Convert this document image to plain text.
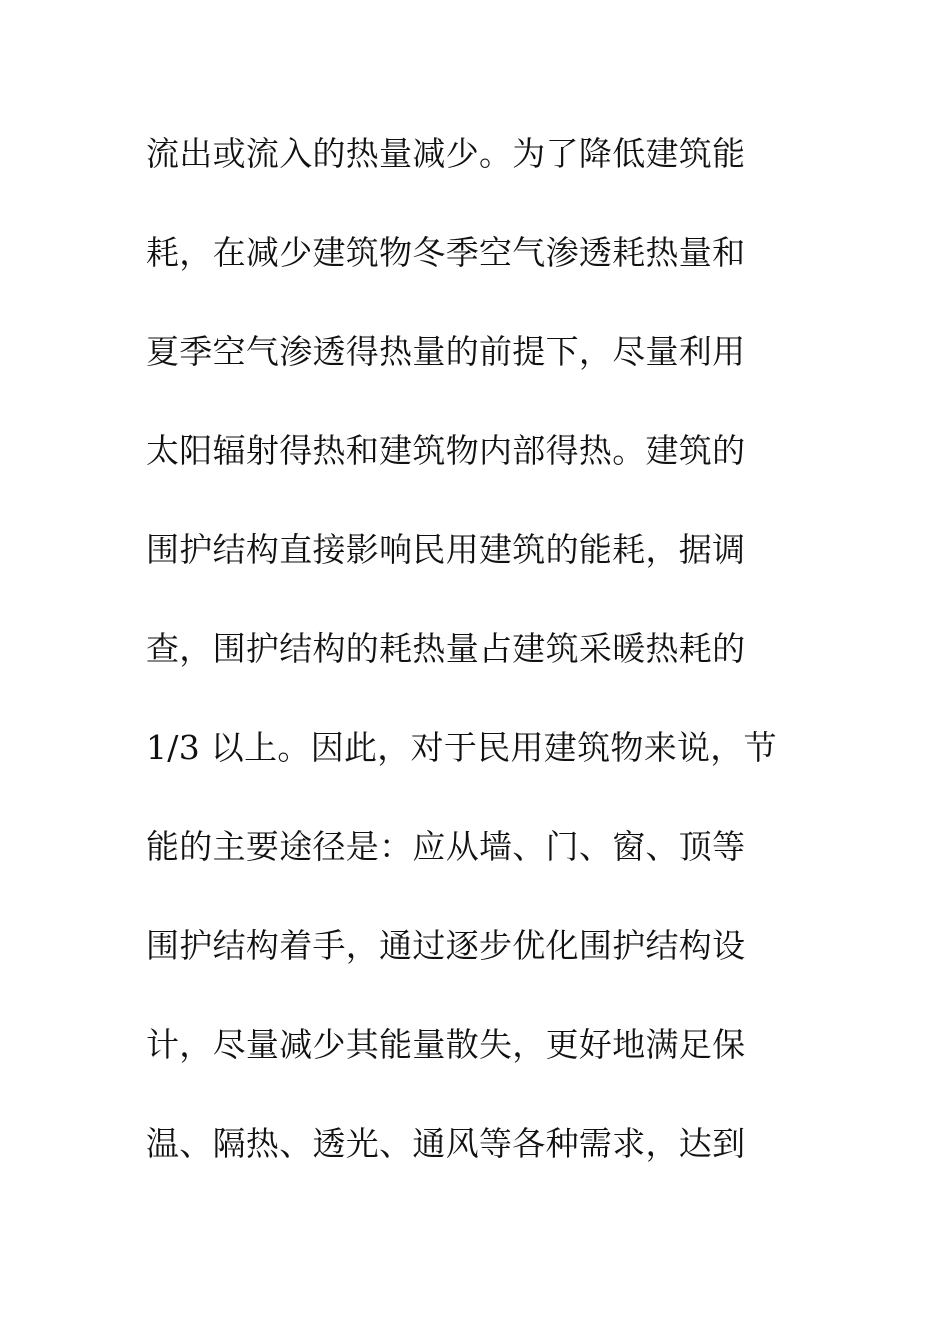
流出或流入的热量减少。为了降低建筑能
耗，在减少建筑物冬季空气渗透耗热量和
夏季空气渗透得热量的前提下，尽量利用
太阳辐射得热和建筑物内部得热。建筑的
围护结构直接影响民用建筑的能耗，据调
查，围护结构的耗热量占建筑采暖热耗的
1/3 以上。因此，对于民用建筑物来说，节
能的主要途径是：应从墙、门、窗、顶等
围护结构着手，通过逐步优化围护结构设
计，尽量减少其能量散失，更好地满足保
温、隔热、透光、通风等各种需求，达到
